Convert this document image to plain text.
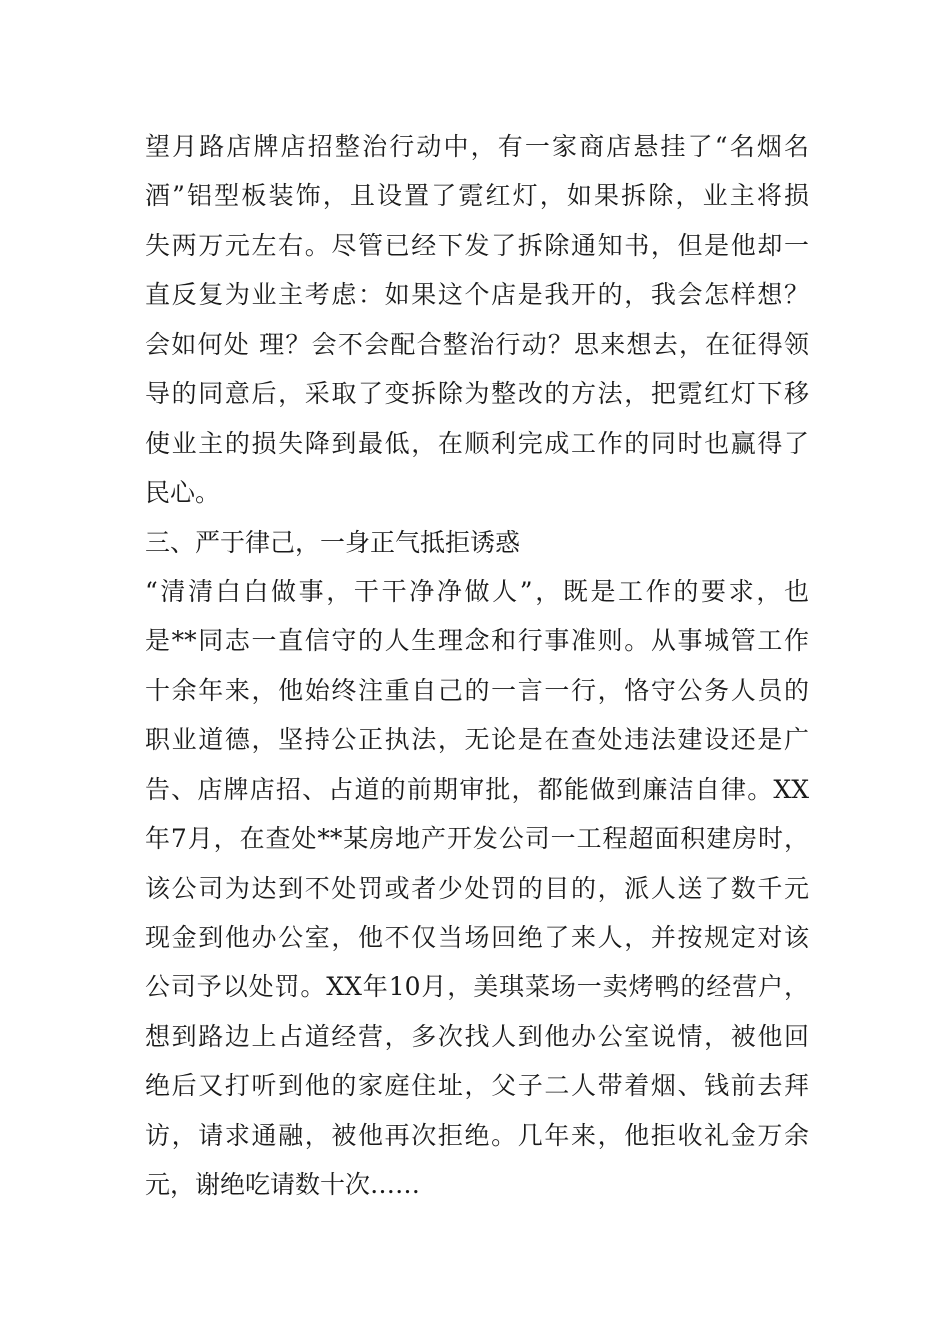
望月路店牌店招整治行动中，有一家商店悬挂了“名烟名
酒”铝型板装饰，且设置了霓红灯，如果拆除，业主将损
失两万元左右。尽管已经下发了拆除通知书，但是他却一
直反复为业主考虑：如果这个店是我开的，我会怎样想？
会如何处 理？会不会配合整治行动？思来想去，在征得领
导的同意后，采取了变拆除为整改的方法，把霓红灯下移
使业主的损失降到最低，在顺利完成工作的同时也赢得了
民心。
三、严于律己，一身正气抵拒诱惑
“清清白白做事，干干净净做人”，既是工作的要求，也
是**同志一直信守的人生理念和行事准则。从事城管工作
十余年来，他始终注重自己的一言一行，恪守公务人员的
职业道德，坚持公正执法，无论是在查处违法建设还是广
告、店牌店招、占道的前期审批，都能做到廉洁自律。XX
年7月，在查处**某房地产开发公司一工程超面积建房时，
该公司为达到不处罚或者少处罚的目的，派人送了数千元
现金到他办公室，他不仅当场回绝了来人，并按规定对该
公司予以处罚。XX年10月，美琪菜场一卖烤鸭的经营户，
想到路边上占道经营，多次找人到他办公室说情，被他回
绝后又打听到他的家庭住址，父子二人带着烟、钱前去拜
访，请求通融，被他再次拒绝。几年来，他拒收礼金万余
元，谢绝吃请数十次……
